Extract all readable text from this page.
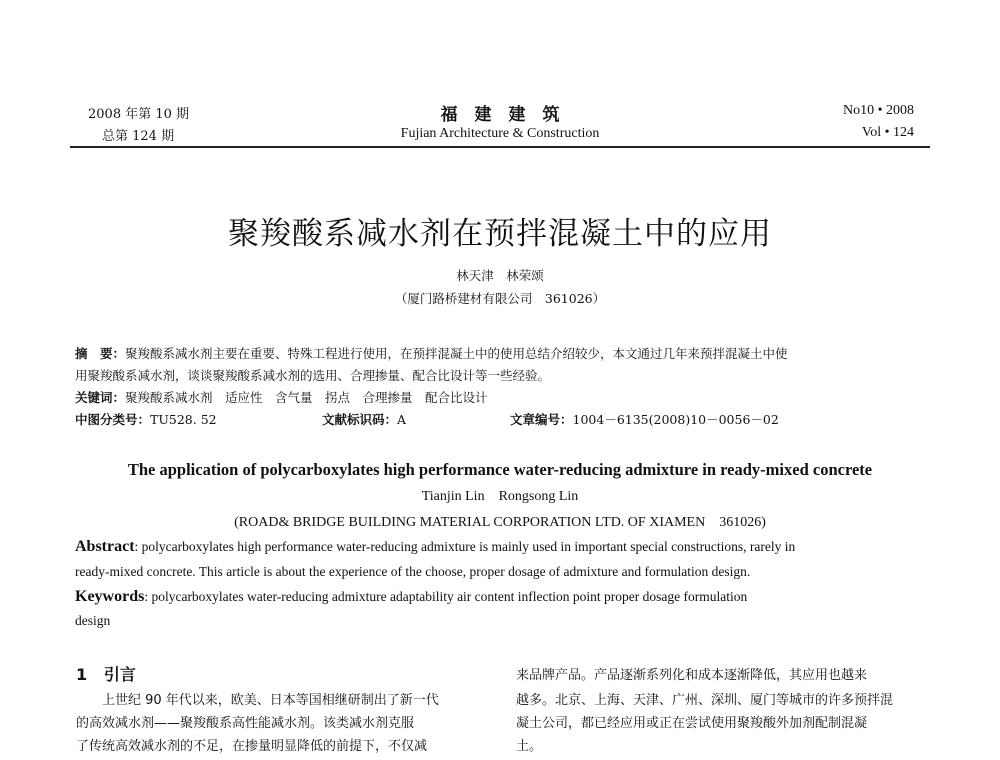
2008 年第 10 期
总第 124 期
福　建　建　筑
Fujian Architecture & Construction
No10 • 2008
Vol • 124
聚羧酸系减水剂在预拌混凝土中的应用
林天津　林荣颂
（厦门路桥建材有限公司　361026）
摘　要：聚羧酸系减水剂主要在重要、特殊工程进行使用，在预拌混凝土中的使用总结介绍较少，本文通过几年来预拌混凝土中使
用聚羧酸系减水剂，谈谈聚羧酸系减水剂的选用、合理掺量、配合比设计等一些经验。
关键词：聚羧酸系减水剂　适应性　含气量　拐点　合理掺量　配合比设计
中图分类号：TU528. 52	文献标识码：A	文章编号：1004－6135(2008)10－0056－02
The application of polycarboxylates high performance water-reducing admixture in ready-mixed concrete
Tianjin Lin　Rongsong Lin
(ROAD& BRIDGE BUILDING MATERIAL CORPORATION LTD. OF XIAMEN　361026)
Abstract: polycarboxylates high performance water-reducing admixture is mainly used in important special constructions, rarely in
ready-mixed concrete. This article is about the experience of the choose, proper dosage of admixture and formulation design.
Keywords: polycarboxylates water-reducing admixture adaptability air content inflection point proper dosage formulation
design
1 引言
　　上世纪 90 年代以来，欧美、日本等国相继研制出了新一代
的高效减水剂——聚羧酸系高性能减水剂。该类减水剂克服
了传统高效减水剂的不足，在掺量明显降低的前提下，不仅减
来品牌产品。产品逐渐系列化和成本逐渐降低，其应用也越来
越多。北京、上海、天津、广州、深圳、厦门等城市的许多预拌混
凝土公司，都已经应用或正在尝试使用聚羧酸外加剂配制混凝
土。
